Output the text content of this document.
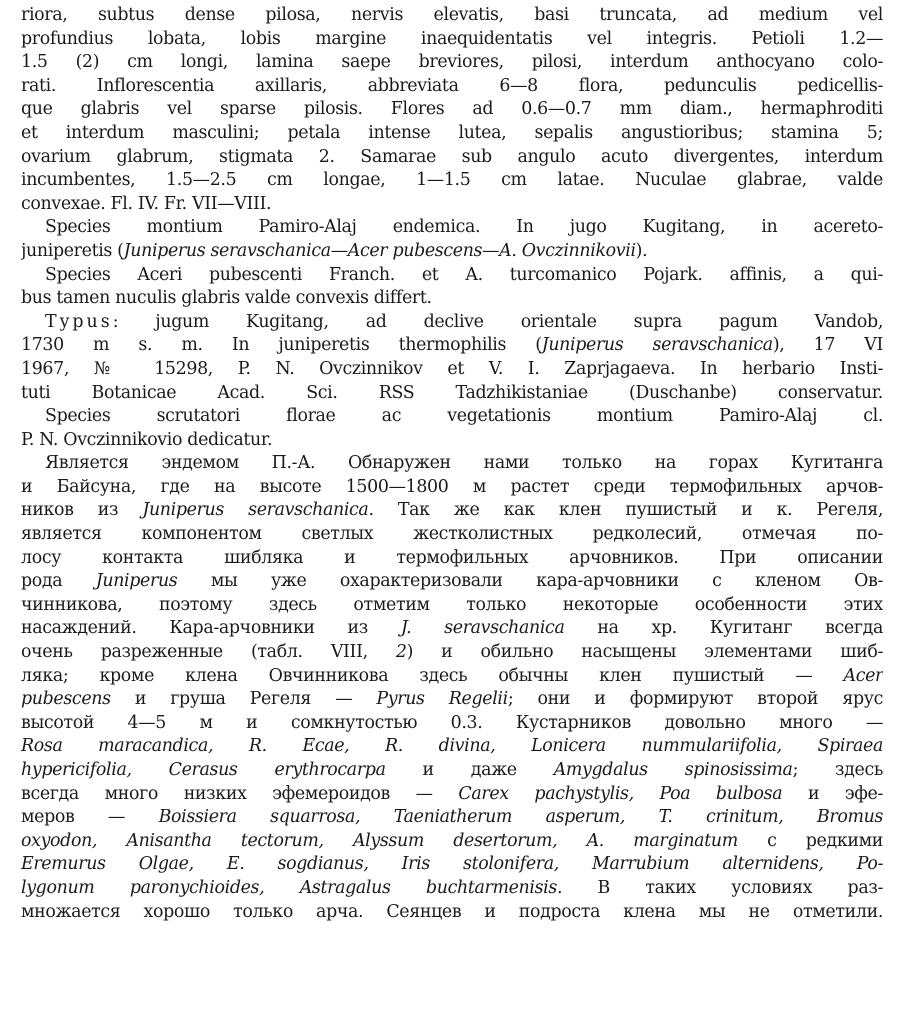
riora, subtus dense pilosa, nervis elevatis, basi truncata, ad medium vel
profundius lobata, lobis margine inaequidentatis vel integris. Petioli 1.2—
1.5 (2) cm longi, lamina saepe breviores, pilosi, interdum anthocyano colo-
rati. Inflorescentia axillaris, abbreviata 6—8 flora, pedunculis pedicellis-
que glabris vel sparse pilosis. Flores ad 0.6—0.7 mm diam., hermaphroditi
et interdum masculini; petala intense lutea, sepalis angustioribus; stamina 5;
ovarium glabrum, stigmata 2. Samarae sub angulo acuto divergentes, interdum
incumbentes, 1.5—2.5 cm longae, 1—1.5 cm latae. Nuculae glabrae, valde
convexae. Fl. IV. Fr. VII—VIII.
Species montium Pamiro-Alaj endemica. In jugo Kugitang, in acereto-
juniperetis (Juniperus seravschanica—Acer pubescens—A. Ovczinnikovii).
Species Aceri pubescenti Franch. et A. turcomanico Pojark. affinis, a qui-
bus tamen nuculis glabris valde convexis differt.
Typus: jugum Kugitang, ad declive orientale supra pagum Vandob,
1730 m s. m. In juniperetis thermophilis (Juniperus seravschanica), 17 VI
1967, № 15298, P. N. Ovczinnikov et V. I. Zaprjagaeva. In herbario Insti-
tuti Botanicae Acad. Sci. RSS Tadzhikistaniae (Duschanbe) conservatur.
Species scrutatori florae ac vegetationis montium Pamiro-Alaj cl.
P. N. Ovczinnikovio dedicatur.
Является эндемом П.-А. Обнаружен нами только на горах Кугитанга
и Байсуна, где на высоте 1500—1800 м растет среди термофильных арчов-
ников из Juniperus seravschanica. Так же как клен пушистый и к. Регеля,
является компонентом светлых жестколистных редколесий, отмечая по-
лосу контакта шибляка и термофильных арчовников. При описании
рода Juniperus мы уже охарактеризовали кара-арчовники с кленом Ов-
чинникова, поэтому здесь отметим только некоторые особенности этих
насаждений. Кара-арчовники из J. seravschanica на хр. Кугитанг всегда
очень разреженные (табл. VIII, 2) и обильно насыщены элементами шиб-
ляка; кроме клена Овчинникова здесь обычны клен пушистый — Acer
pubescens и груша Регеля — Pyrus Regelii; они и формируют второй ярус
высотой 4—5 м и сомкнутостью 0.3. Кустарников довольно много —
Rosa maracandica, R. Ecae, R. divina, Lonicera nummulariifolia, Spiraea
hypericifolia, Cerasus erythrocarpa и даже Amygdalus spinosissima; здесь
всегда много низких эфемероидов — Carex pachystylis, Poa bulbosa и эфе-
меров — Boissiera squarrosa, Taeniatherum asperum, T. crinitum, Bromus
oxyodon, Anisantha tectorum, Alyssum desertorum, A. marginatum с редкими
Eremurus Olgae, E. sogdianus, Iris stolonifera, Marrubium alternidens, Po-
lygonum paronychioides, Astragalus buchtarmenisis. В таких условиях раз-
множается хорошо только арча. Сеянцев и подроста клена мы не отметили.
